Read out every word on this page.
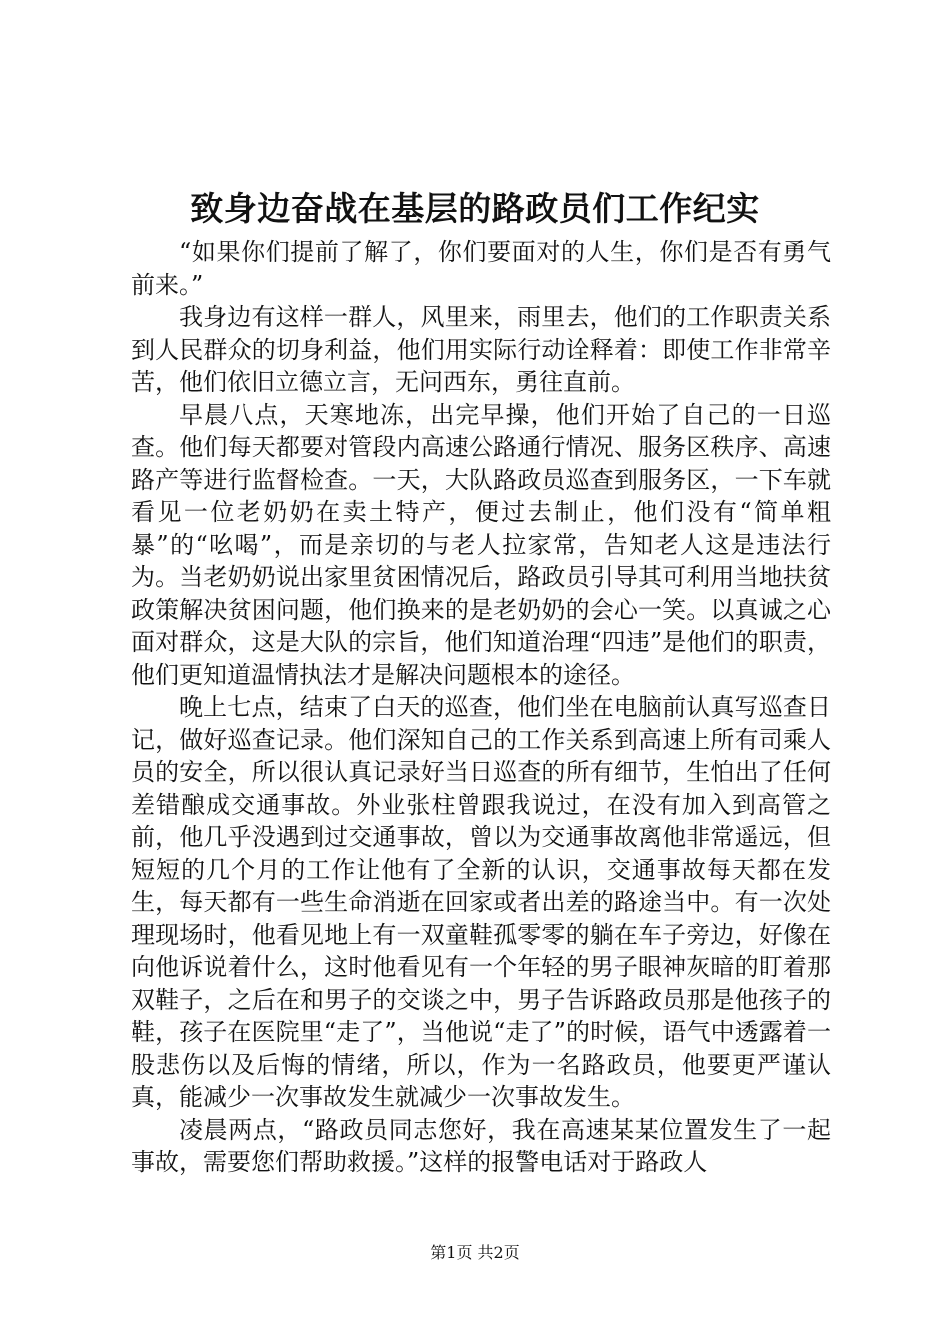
致身边奋战在基层的路政员们工作纪实

“如果你们提前了解了，你们要面对的人生，你们是否有勇气前来。”

我身边有这样一群人，风里来，雨里去，他们的工作职责关系到人民群众的切身利益，他们用实际行动诠释着：即使工作非常辛苦，他们依旧立德立言，无问西东，勇往直前。

早晨八点，天寒地冻，出完早操，他们开始了自己的一日巡查。他们每天都要对管段内高速公路通行情况、服务区秩序、高速路产等进行监督检查。一天，大队路政员巡查到服务区，一下车就看见一位老奶奶在卖土特产，便过去制止，他们没有“简单粗暴”的“吆喝”，而是亲切的与老人拉家常，告知老人这是违法行为。当老奶奶说出家里贫困情况后，路政员引导其可利用当地扶贫政策解决贫困问题，他们换来的是老奶奶的会心一笑。以真诚之心面对群众，这是大队的宗旨，他们知道治理“四违”是他们的职责，他们更知道温情执法才是解决问题根本的途径。

晚上七点，结束了白天的巡查，他们坐在电脑前认真写巡查日记，做好巡查记录。他们深知自己的工作关系到高速上所有司乘人员的安全，所以很认真记录好当日巡查的所有细节，生怕出了任何差错酿成交通事故。外业张柱曾跟我说过，在没有加入到高管之前，他几乎没遇到过交通事故，曾以为交通事故离他非常遥远，但短短的几个月的工作让他有了全新的认识，交通事故每天都在发生，每天都有一些生命消逝在回家或者出差的路途当中。有一次处理现场时，他看见地上有一双童鞋孤零零的躺在车子旁边，好像在向他诉说着什么，这时他看见有一个年轻的男子眼神灰暗的盯着那双鞋子，之后在和男子的交谈之中，男子告诉路政员那是他孩子的鞋，孩子在医院里“走了”，当他说“走了”的时候，语气中透露着一股悲伤以及后悔的情绪，所以，作为一名路政员，他要更严谨认真，能减少一次事故发生就减少一次事故发生。

凌晨两点，“路政员同志您好，我在高速某某位置发生了一起事故，需要您们帮助救援。”这样的报警电话对于路政人

第1页 共2页
